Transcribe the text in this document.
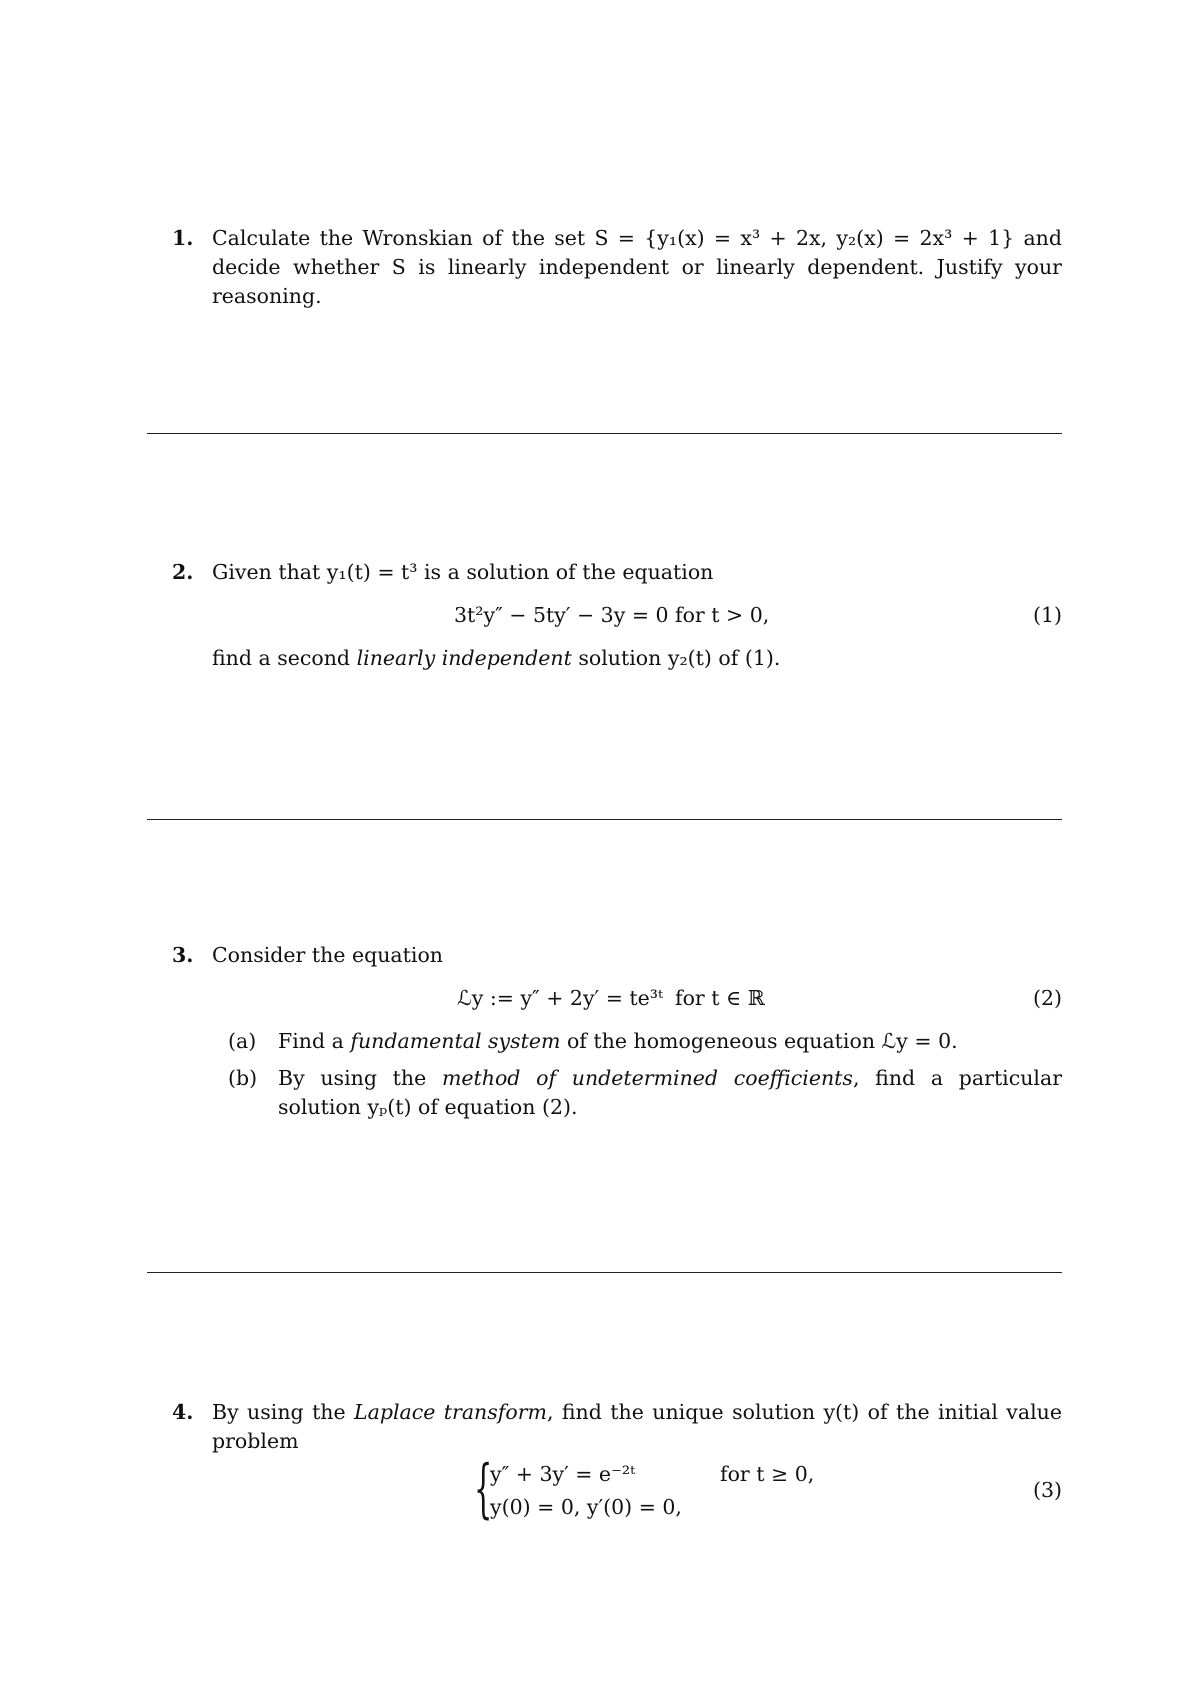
1. Calculate the Wronskian of the set S = {y₁(x) = x³ + 2x, y₂(x) = 2x³ + 1} and decide whether S is linearly independent or linearly dependent. Justify your reasoning.
2. Given that y₁(t) = t³ is a solution of the equation
3t²y″ − 5ty′ − 3y = 0 for t > 0,	(1)
find a second linearly independent solution y₂(t) of (1).
3. Consider the equation
ℒy := y″ + 2y′ = te³ᵗ for t ∈ ℝ	(2)
(a) Find a fundamental system of the homogeneous equation ℒy = 0.
(b) By using the method of undetermined coefficients, find a particular solution yₚ(t) of equation (2).
4. By using the Laplace transform, find the unique solution y(t) of the initial value problem
{
y″ + 3y′ = e⁻²ᵗ	for t ≥ 0,
y(0) = 0, y′(0) = 0,
(3)
